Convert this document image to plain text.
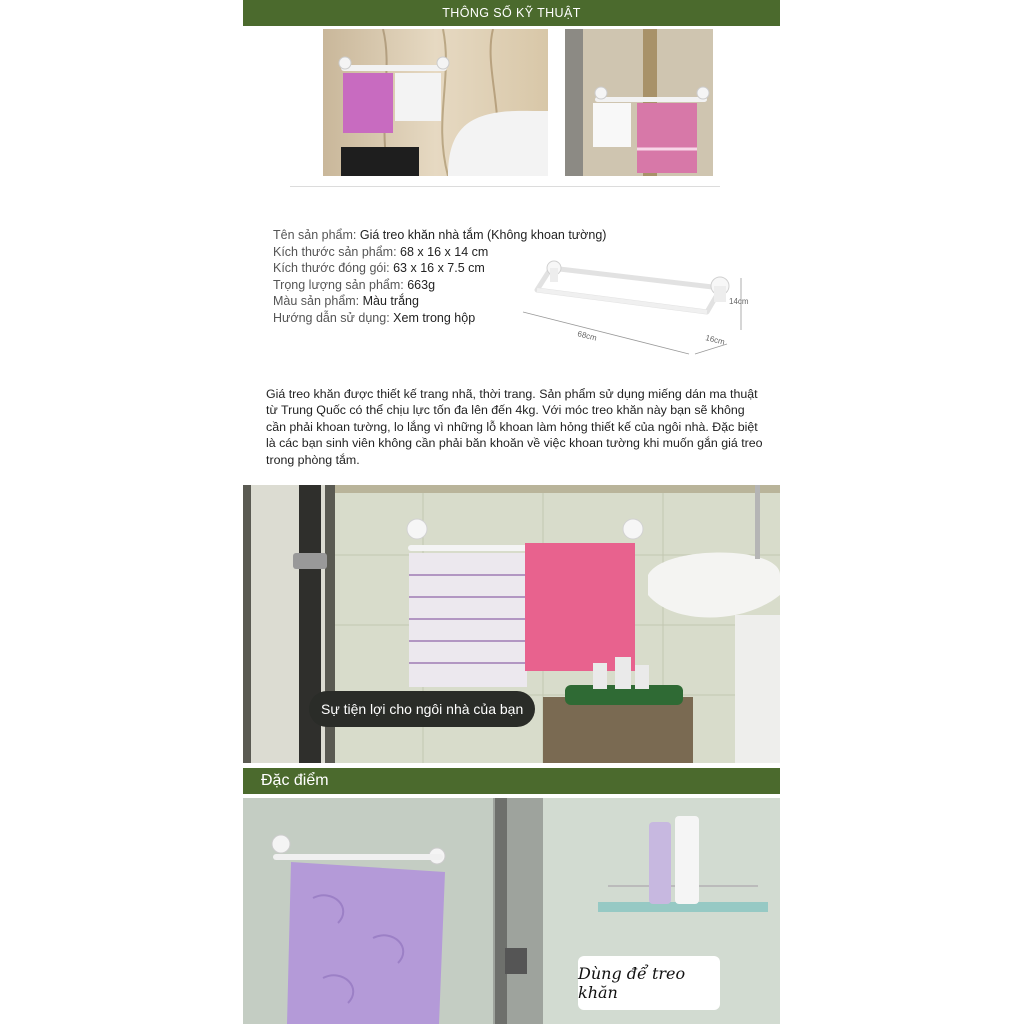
THÔNG SỐ KỸ THUẬT
Tên sản phẩm: Giá treo khăn nhà tắm (Không khoan tường)
Kích thước sản phẩm: 68 x 16 x 14 cm
Kích thước đóng gói: 63 x 16 x 7.5 cm
Trọng lượng sản phẩm: 663g
Màu sản phẩm: Màu trắng
Hướng dẫn sử dụng: Xem trong hộp
68cm	16cm
14cm
Giá treo khăn được thiết kế trang nhã, thời trang. Sản phẩm sử dụng miếng dán ma thuật từ Trung Quốc có thể chịu lực tốn đa lên đến 4kg. Với móc treo khăn này bạn sẽ không cần phải khoan tường, lo lắng vì những lỗ khoan làm hỏng thiết kế của ngôi nhà. Đặc biệt là các bạn sinh viên không cần phải băn khoăn về việc khoan tường khi muốn gắn giá treo trong phòng tắm.
Sự tiện lợi cho ngôi nhà của bạn
Đặc điểm
Dùng để treo khăn
